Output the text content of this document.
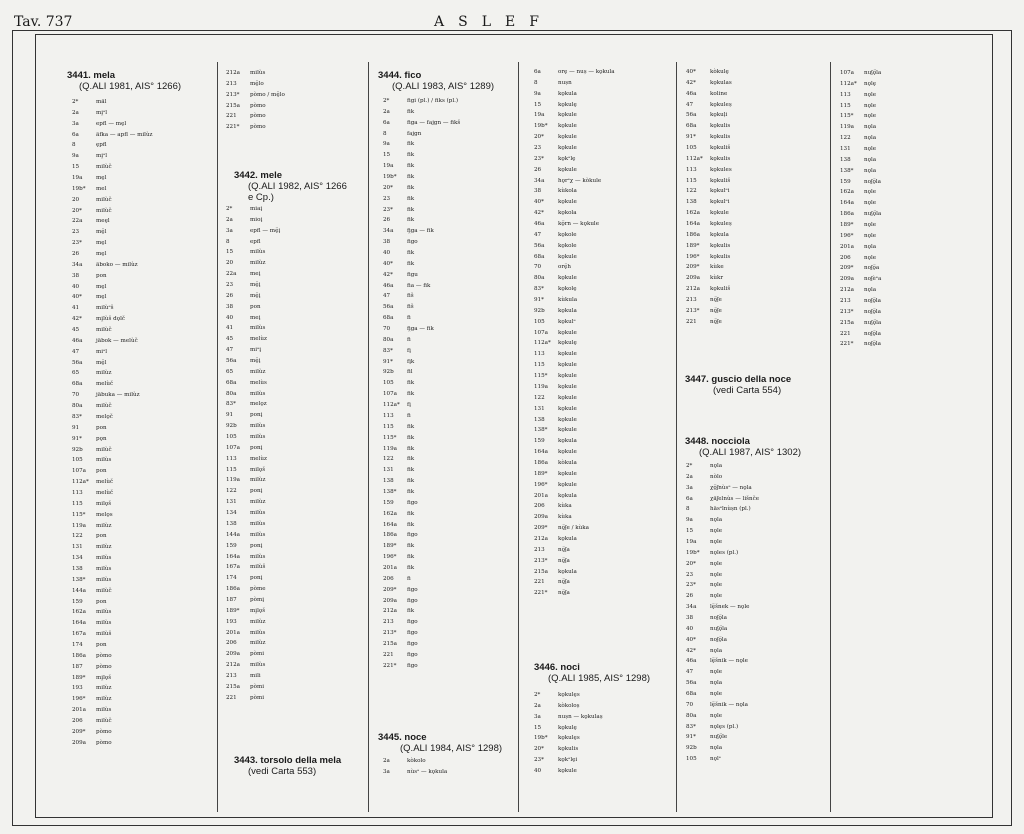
Tav. 737	ASLEF
3441. mela
(Q.ALI 1981, AIS° 1266)
3442. mele
(Q.ALI 1982, AIS° 1266
e Cp.)
3443. torsolo della mela
(vedi Carta 553)
3444. fico
(Q.ALI 1983, AIS° 1289)
3445. noce
(Q.ALI 1984, AIS° 1298)
3446. noci
(Q.ALI 1985, AIS° 1298)
3447. guscio della noce
(vedi Carta 554)
3448. nocciola
(Q.ALI 1987, AIS° 1302)
2*	mäl
2a	mi̯ᵉl
3a	epfl — mȩl
6a	äfka — apfl — milùz
8	ȩpfl
9a	mi̯ᵉl
15	milùč
19a mȩl
19b* mel
20	milùč
20*	milùč
22a meȩl
23	mȩ̈l
23*	mȩl
26	mȩl
34a äboko — milùz
38	pon
40	mȩl
40*	mȩl
41	milùᵉš
42*	mi̯lùš dǫlč
45	milùč
46a jäbok — melùč
47	miᵉl
56a mȩ̈l
65	milùz
68a melùč
70	jäbuka — milùz
80a milùč
83*	melǫč
91	pon
91*	pǫn
92b milùč
105 milùs
107a pon
112a* melùč
113 melùč
115 milǫš
115* melǫs
119a milùz
122 pon
131 milùz
134 milùs
138 milùs
138* milùs
144a milùč
159 pon
162a milùs
164a milùs
167a milùš
174 pon
186a pòmo
187 pòmo
189* mi̯lǫš
193 milùz
196* milùz
201a milùs
206 milùč
209* pòmo
209a pòmo
212a milùs
213 mȩ̈lo
213* pòmo / mȩ̈lo
215a pòmo
221 pòmo
221* pòmo
2*	miaį
2a	mioį
3a	epfl — mȩ̈į
8	epfl
15	milùs
20	milùz
22a meį
23	mȩ̈į
26	mȩ̈į
38	pon
40	meį
41	milùs
45	melùz
47	miᵉį
56a mȩ̈į
65	milùz
68a melùs
80a milùs
83*	melǫz
91	ponį
92b milùs
105 milùs
107a ponį
113 melùz
115 milǫš
119a milùz
122 ponį
131 milùz
134 milùs
138 milùs
144a milùs
159 ponį
164a milùs
167a milùš
174 ponį
186a pòme
187 pòmį
189* mi̯lǫš
193 milùz
201a milùs
206 milùz
209a pòmi
212a milùs
213 mili
215a pòmi
221 pòmi
2*	figi (pl.) / fiks (pl.)
2a	fik
6a	figa — fajgn — fikš
8	fajgn
9a	fik
15	fik
19a fik
19b* fik
20*	fik
23	fik
23*	fik
26	fik
34a fi̯ga — fik
38	figo
40	fik
40*	fik
42*	figu
46a fia — fik
47	fiš
56a fiš
68a fi
70	fi̯ga — fik
80a fi
83*	fį
91*	fįk
92b fil
105 fik
107a fik
112a* fį
113 fi
115 fik
115* fik
119a fik
122 fik
131 fik
138 fik
138* fik
159 figo
162a fik
164a fik
186a figo
189* fik
196* fik
201a fik
206 fi
209* figo
209a figo
212a fik
213 figo
213* figo
215a figo
221 figo
221* figo
2a	kòkolo
3a	nùsᵉ — kǫkula
6a	orȩ — nuș — kǫkula
8	nușn
9a	kǫkula
15	kǫkulȩ
19a kǫkule
19b* kǫkule
20*	kǫkule
23	kǫkule
23*	kǫkᵉlȩ
26	kǫkule
34a hǫrᵉχ — kòkule
38	kùkola
40*	kǫkule
42*	kǫkola
46a kǫ̈rn — kǫkule
47	kǫkole
56a kǫkole
68a kǫkule
70	orȩ̈h
80a kǫkule
83*	kǫkolȩ
91*	kùkula
92b kǫkula
105 kǫkulᵉ
107a kǫkule
112a* kǫkulȩ
113 kǫkule
115 kǫkule
115* kǫkule
119a kǫkule
122 kǫkule
131 kǫkule
138 kǫkule
138* kǫkule
159 kǫkula
164a kǫkule
186a kòkula
189* kǫkule
196* kǫkule
201a kǫkula
206 kùka
209a kùka
209* nǫ̈ʃe / kùka
212a kǫkula
213 nǫ̈ʃa
213* nǫ̈ʃa
215a kǫkula
221 nǫ̈ʃa
221* nǫ̈ʃa
2*	kǫkulȩs
2a	kòkoloș
3a	nușn — kǫkulaș
15	kǫkulȩ
19b* kǫkulȩs
20*	kǫkulis
23*	kǫkᵉlȩi
40	kǫkule
40*	kòkulȩ
42*	kǫkulas
46a koline
47	kǫkuleș
56a kǫkuļi
68a kǫkulis
91*	kǫkulis
105 kǫkuliš
112a* kǫkulis
113 kǫkules
115 kǫkuliš
122 kǫkulᵉi
138 kǫkulᵉi
162a kǫkule
164a kǫkuleș
186a kǫkula
189* kǫkulis
196* kǫkulis
209* kùke
209a kùkr
212a kǫkuliš
213 nǫ̈ʃe
213* nǫ̈ʃe
221 nǫ̈ʃe
2*	nǫla
2a	nòlo
3a	χǫ̈ʃnùsᵉ — nǫla
6a	χäʃelnùs — lišnče
8	häsᵉlnùșn (pl.)
9a	nǫla
15	nǫle
19a nǫle
19b* nǫles (pl.)
20*	nǫle
23	nǫle
23*	nǫle
26	nǫle
34a lȩ̈šnek — nǫle
38	noʃǫ̈la
40	nuʃǫ̈la
40*	noʃǫ̈la
42*	nǫla
46a lȩ̈šnik — nǫle
47	nǫle
56a nǫla
68a nǫle
70	lȩ̈šnik — nǫla
80a nǫle
83*	nǫlȩs (pl.)
91*	nuʃǫ̈le
92b nǫla
105 nǫlᵉ
107a nuʃǫ̈la
112a* nǫlȩ
113 nǫle
115 nǫle
115* nǫle
119a nǫla
122 nǫla
131 nǫle
138 nǫla
138* nǫla
159 noʃǫ̈la
162a nǫle
164a nǫle
186a nuʃǫ̈la
189* nǫle
196* nǫle
201a nǫla
206 nǫle
209* noʃǫ̈a
209a noʃèᵉa
212a nǫla
213 noʃǫ̈la
213* noʃǫ̈la
215a nuʃǫ̈la
221 noʃǫ̈la
221* noʃǫ̈la
